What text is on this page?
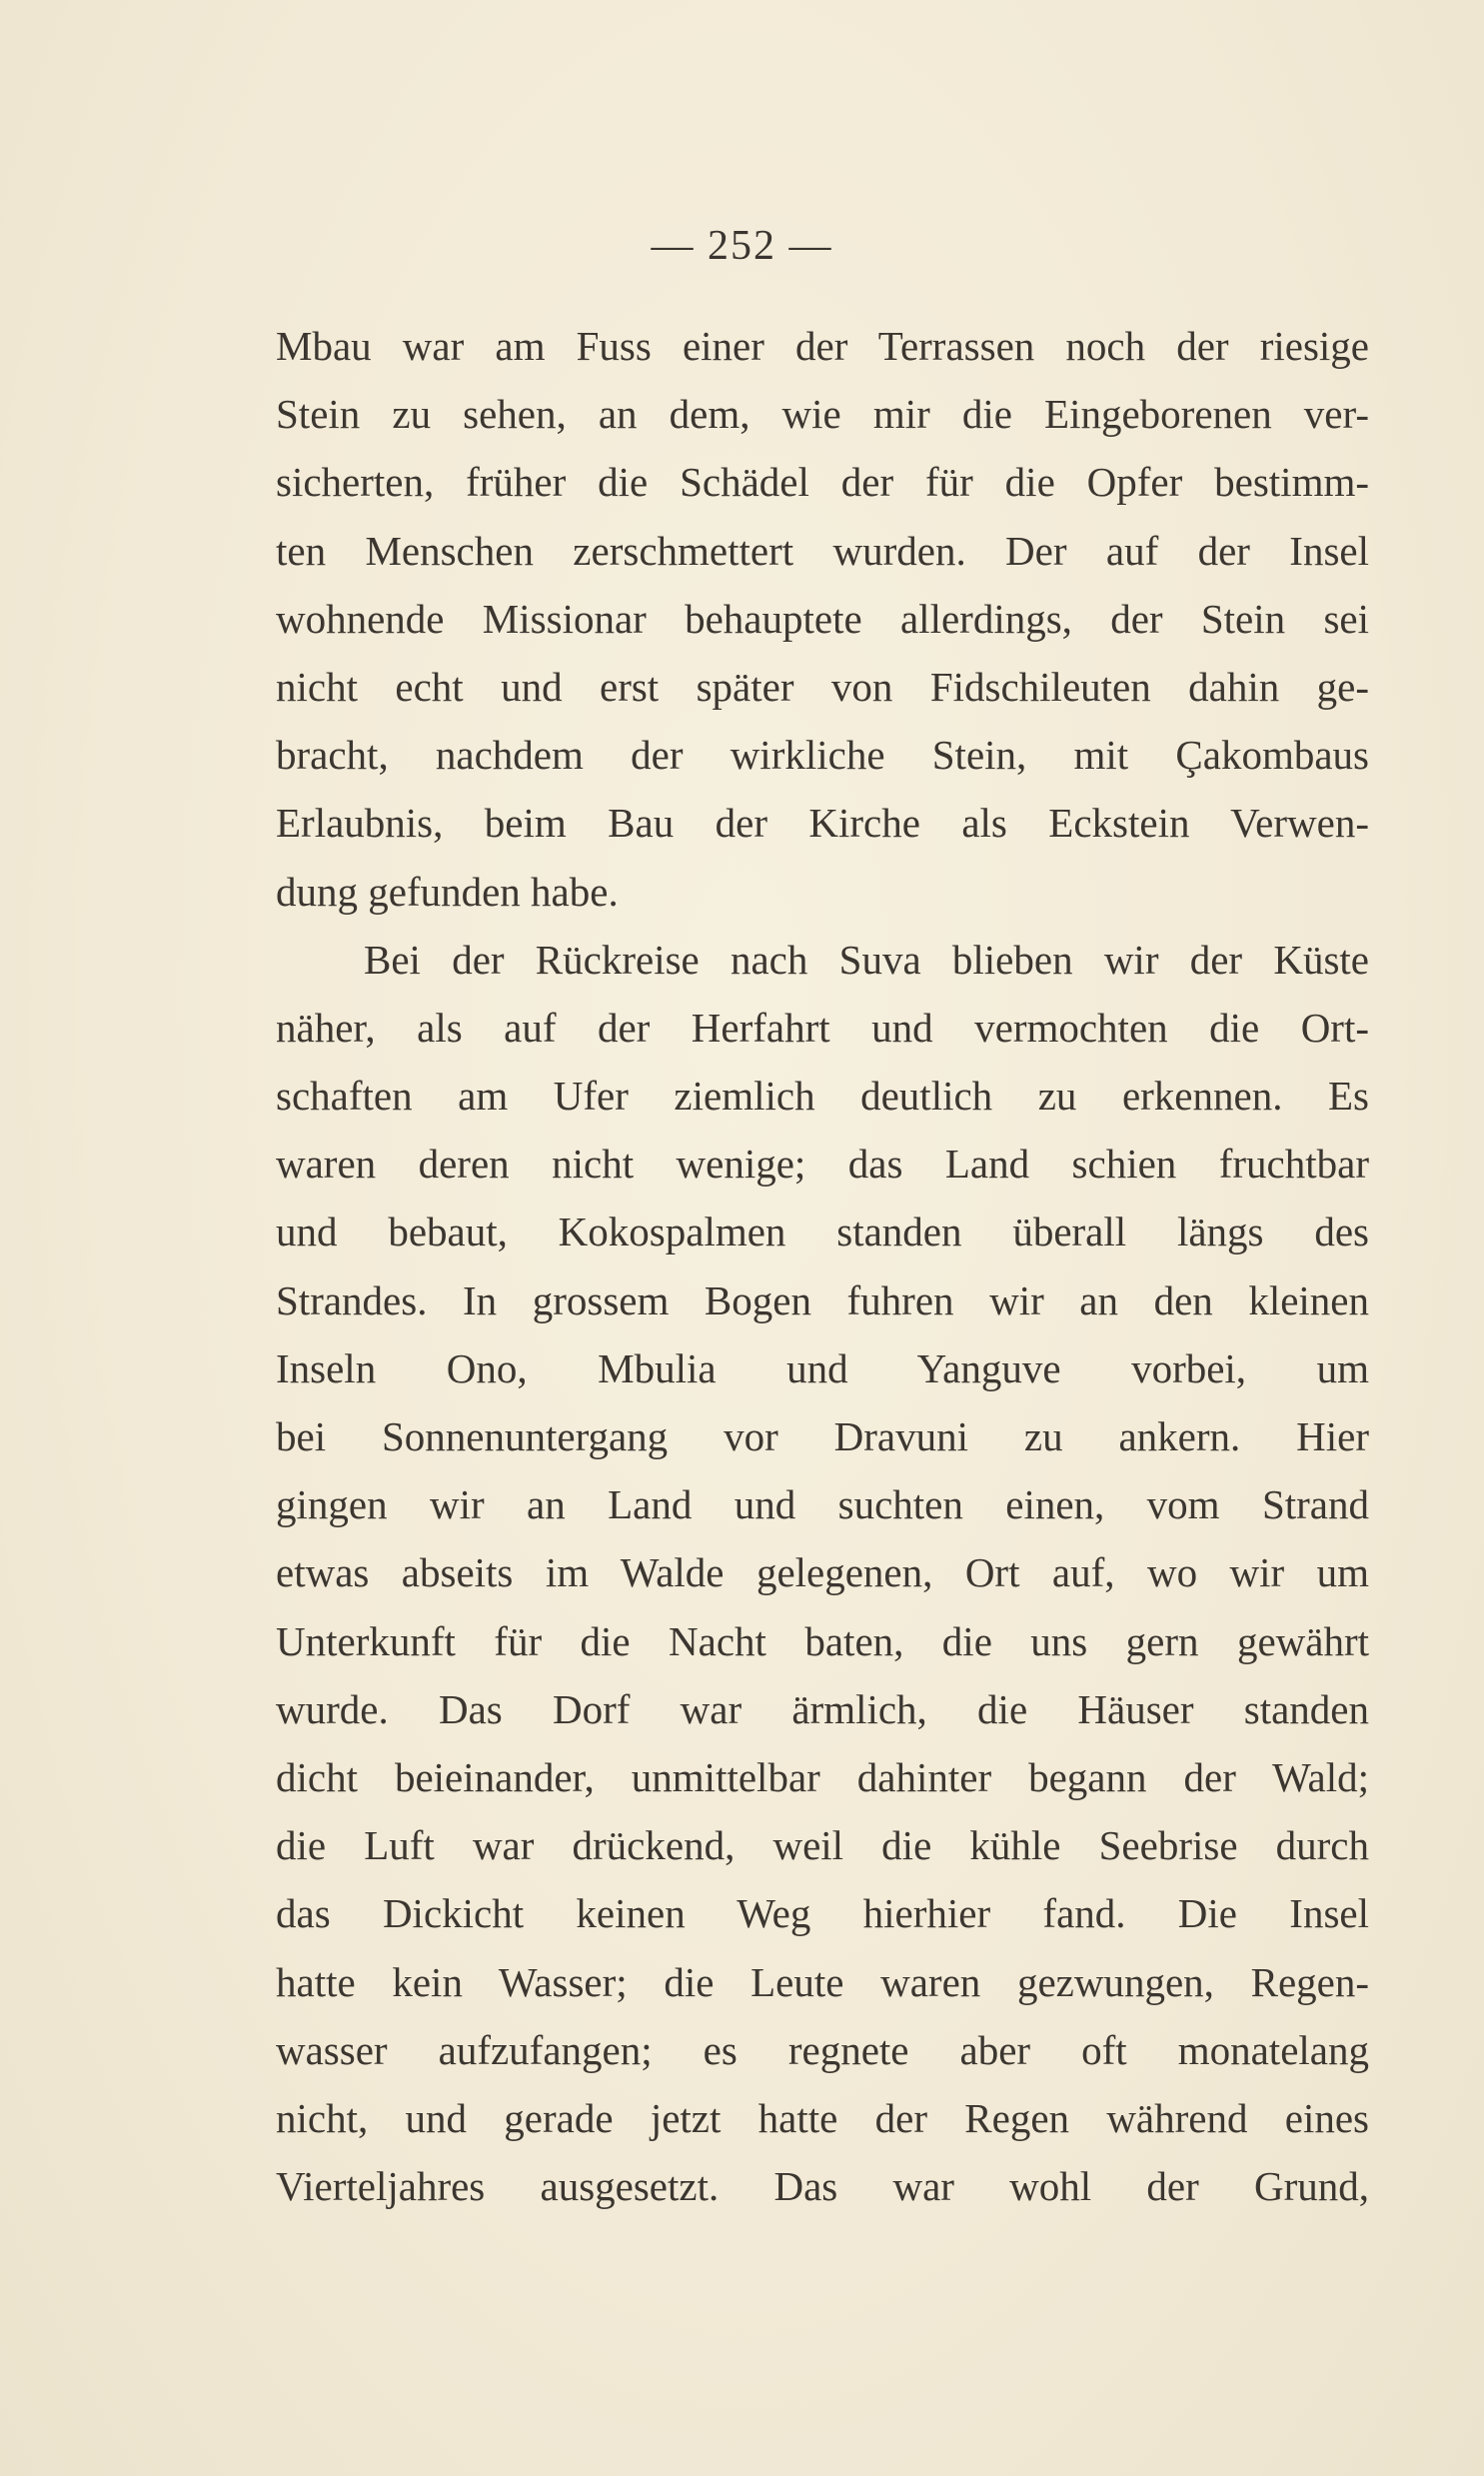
— 252 —
Mbau war am Fuss einer der Terrassen noch der riesige
Stein zu sehen, an dem, wie mir die Eingeborenen ver-
sicherten, früher die Schädel der für die Opfer bestimm-
ten Menschen zerschmettert wurden. Der auf der Insel
wohnende Missionar behauptete allerdings, der Stein sei
nicht echt und erst später von Fidschileuten dahin ge-
bracht, nachdem der wirkliche Stein, mit Çakombaus
Erlaubnis, beim Bau der Kirche als Eckstein Verwen-
dung gefunden habe.
Bei der Rückreise nach Suva blieben wir der Küste
näher, als auf der Herfahrt und vermochten die Ort-
schaften am Ufer ziemlich deutlich zu erkennen. Es
waren deren nicht wenige; das Land schien fruchtbar
und bebaut, Kokospalmen standen überall längs des
Strandes. In grossem Bogen fuhren wir an den kleinen
Inseln Ono, Mbulia und Yanguve vorbei, um
bei Sonnenuntergang vor Dravuni zu ankern. Hier
gingen wir an Land und suchten einen, vom Strand
etwas abseits im Walde gelegenen, Ort auf, wo wir um
Unterkunft für die Nacht baten, die uns gern gewährt
wurde. Das Dorf war ärmlich, die Häuser standen
dicht beieinander, unmittelbar dahinter begann der Wald;
die Luft war drückend, weil die kühle Seebrise durch
das Dickicht keinen Weg hierhier fand. Die Insel
hatte kein Wasser; die Leute waren gezwungen, Regen-
wasser aufzufangen; es regnete aber oft monatelang
nicht, und gerade jetzt hatte der Regen während eines
Vierteljahres ausgesetzt. Das war wohl der Grund,
